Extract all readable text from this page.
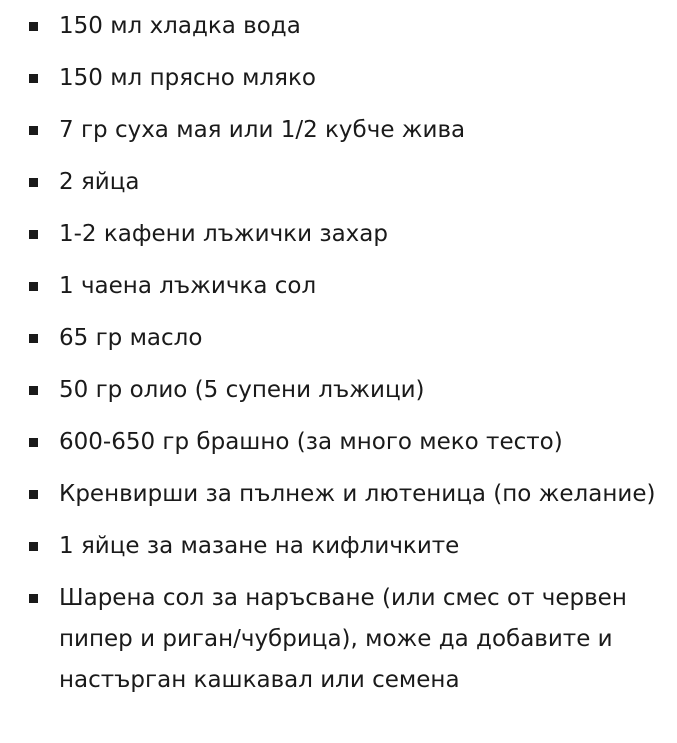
150 мл хладка вода
150 мл прясно мляко
7 гр суха мая или 1/2 кубче жива
2 яйца
1-2 кафени лъжички захар
1 чаена лъжичка сол
65 гр масло
50 гр олио (5 супени лъжици)
600-650 гр брашно (за много меко тесто)
Кренвирши за пълнеж и лютеница (по желание)
1 яйце за мазане на кифличките
Шарена сол за наръсване (или смес от червен пипер и риган/чубрица), може да добавите и настърган кашкавал или семена
